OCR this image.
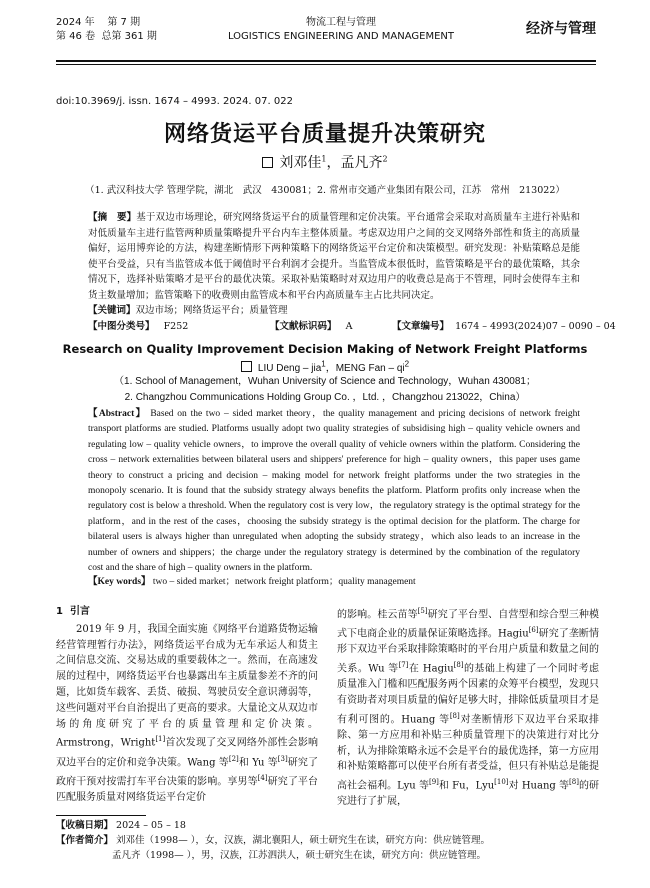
2024 年 第 7 期
第 46 卷 总第 361 期
物流工程与管理
LOGISTICS ENGINEERING AND MANAGEMENT	经济与管理
doi:10.3969/j. issn. 1674 – 4993. 2024. 07. 022
网络货运平台质量提升决策研究
刘邓佳$^1$，孟凡齐$^2$
（1. 武汉科技大学 管理学院，湖北　武汉　430081；2. 常州市交通产业集团有限公司，江苏　常州　213022）
【摘　要】基于双边市场理论，研究网络货运平台的质量管理和定价决策。平台通常会采取对高质量车主进行补贴和对低质量车主进行监管两种质量策略提升平台内车主整体质量。考虑双边用户之间的交叉网络外部性和货主的高质量偏好，运用博弈论的方法，构建垄断情形下两种策略下的网络货运平台定价和决策模型。研究发现：补贴策略总是能使平台受益，只有当监管成本低于阈值时平台利润才会提升。当监管成本很低时，监管策略是平台的最优策略，其余情况下，选择补贴策略才是平台的最优决策。采取补贴策略时对双边用户的收费总是高于不管理，同时会使得车主和货主数量增加；监管策略下的收费则由监管成本和平台内高质量车主占比共同决定。
【关键词】双边市场；网络货运平台；质量管理
【中图分类号】 F252	【文献标识码】 A	【文章编号】 1674 – 4993(2024)07 – 0090 – 04
Research on Quality Improvement Decision Making of Network Freight Platforms
LIU Deng – jia$^1$，MENG Fan – $qi^2$
（1. School of Management，Wuhan University of Science and Technology，Wuhan 430081；
2. Changzhou Communications Holding Group Co. ，Ltd. ，Changzhou 213022，China）
【Abstract】 Based on the two – sided market theory，the quality management and pricing decisions of network freight transport platforms are studied. Platforms usually adopt two quality strategies of subsidising high – quality vehicle owners and regulating low – quality vehicle owners，to improve the overall quality of vehicle owners within the platform. Considering the cross – network externalities between bilateral users and shippers' preference for high – quality owners，this paper uses game theory to construct a pricing and decision – making model for network freight platforms under the two strategies in the monopoly scenario. It is found that the subsidy strategy always benefits the platform. Platform profits only increase when the regulatory cost is below a threshold. When the regulatory cost is very low，the regulatory strategy is the optimal strategy for the platform，and in the rest of the cases，choosing the subsidy strategy is the optimal decision for the platform. The charge for bilateral users is always higher than unregulated when adopting the subsidy strategy，which also leads to an increase in the number of owners and shippers；the charge under the regulatory strategy is determined by the combination of the regulatory cost and the share of high – quality owners in the platform.
【Key words】 two – sided market；network freight platform；quality management
1 引言

2019 年 9 月，我国全面实施《网络平台道路货物运输经营管理暂行办法》，网络货运平台成为无车承运人和货主之间信息交流、交易达成的重要载体之一。然而，在高速发展的过程中，网络货运平台也暴露出车主质量参差不齐的问题，比如货车载客、丢货、破损、驾驶员安全意识薄弱等，这些问题对平台自治提出了更高的要求。大量论文从双边市场的角度研究了平台的质量管理和定价决策。Armstrong，Wright[1]首次发现了交叉网络外部性会影响双边平台的定价和竞争决策。Wang 等[2]和 Yu 等[3]研究了政府干预对按需打车平台决策的影响。享男等[4]研究了平台匹配服务质量对网络货运平台定价

的影响。桂云苗等[5]研究了平台型、自营型和综合型三种模式下电商企业的质量保证策略选择。Hagiu[6]研究了垄断情形下双边平台采取排除策略时的平台用户质量和数量之间的关系。Wu 等[7]在 Hagiu[8]的基础上构建了一个同时考虑质量准入门槛和匹配服务两个因素的众筹平台模型，发现只有资助者对项目质量的偏好足够大时，排除低质量项目才是有利可图的。Huang 等[8]对垄断情形下双边平台采取排除、第一方应用和补贴三种质量管理下的决策进行对比分析，认为排除策略永远不会是平台的最优选择，第一方应用和补贴策略都可以使平台所有者受益，但只有补贴总是能提高社会福利。Lyu 等[9]和 Fu，Lyu[10]对 Huang 等[8]的研究进行了扩展，

【收稿日期】 2024 – 05 – 18
【作者简介】 刘邓佳（1998— ），女，汉族，湖北襄阳人，硕士研究生在读，研究方向：供应链管理。
孟凡齐（1998— ），男，汉族，江苏泗洪人，硕士研究生在读，研究方向：供应链管理。
